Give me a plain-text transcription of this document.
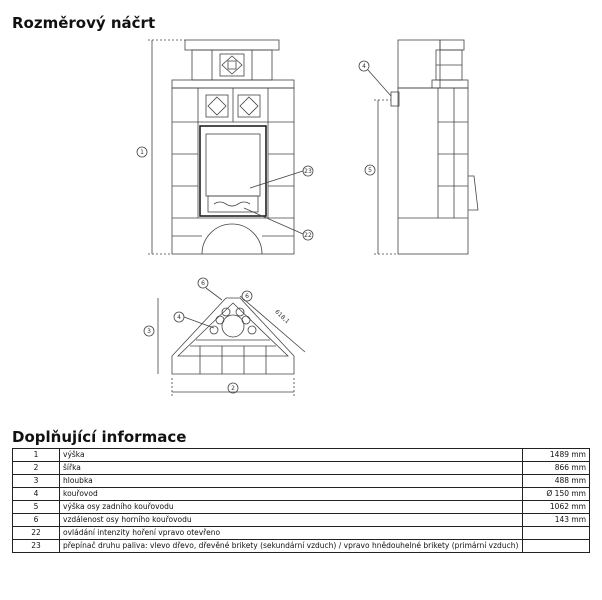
Rozměrový náčrt
1
23
22
5
4
3
2
6
6
4	618,1
Doplňující informace
1	výška	1489 mm
2	šířka	866 mm
3	hloubka	488 mm
4	kouřovod	Ø 150 mm
5	výška osy zadního kouřovodu	1062 mm
6	vzdálenost osy horního kouřovodu	143 mm
22	ovládání intenzity hoření vpravo otevřeno	
23	přepínač druhu paliva: vlevo dřevo, dřevěné brikety (sekundární vzduch) / vpravo hnědouhelné brikety (primární vzduch)	
